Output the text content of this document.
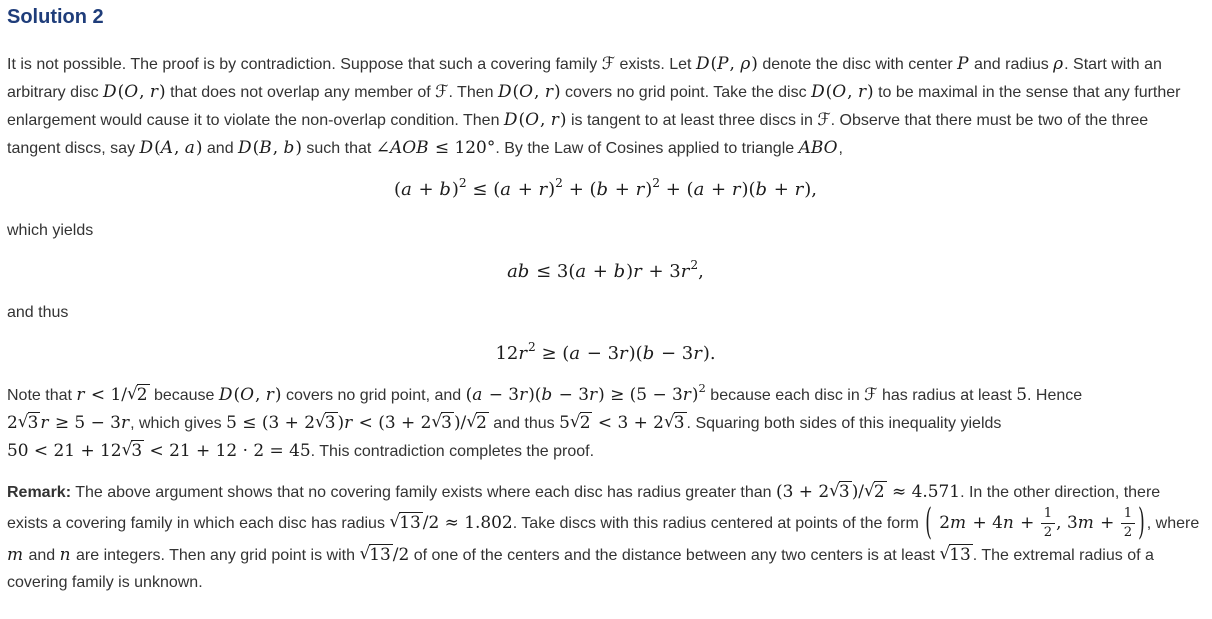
Solution 2

It is not possible. The proof is by contradiction. Suppose that such a covering family ℱ exists. Let D(P, ρ) denote the disc with center P and radius ρ. Start with an arbitrary disc D(O, r) that does not overlap any member of ℱ. Then D(O, r) covers no grid point. Take the disc D(O, r) to be maximal in the sense that any further enlargement would cause it to violate the non-overlap condition. Then D(O, r) is tangent to at least three discs in ℱ. Observe that there must be two of the three tangent discs, say D(A, a) and D(B, b) such that ∠AOB ≤ 120°. By the Law of Cosines applied to triangle ABO,

$(a + b)^2 \le (a + r)^2 + (b + r)^2 + (a + r)(b + r)$,

which yields

ab ≤ $3(a + b)r + 3r^2$,

and thus

$12r^2 \ge (a - 3r)(b - 3r)$.

Note that r < 1/√2 because D(O, r) covers no grid point, and $(a - 3r)(b - 3r) \ge (5 - 3r)^2$ because each disc in ℱ has radius at least 5. Hence 2√3 r ≥ 5 − 3r, which gives 5 ≤ (3 + 2√3 )r < (3 + 2√3 )/√2 and thus 5√2 < 3 + 2√3 . Squaring both sides of this inequality yields 50 < 21 + 12√3 < 21 + 12 · 2 = 45. This contradiction completes the proof.

Remark: The above argument shows that no covering family exists where each disc has radius greater than (3 + 2√3 )/√2 ≈ 4.571. In the other direction, there exists a covering family in which each disc has radius √13 /2 ≈ 1.802. Take discs with this radius centered at points of the form ( $2m + 4n + \frac{1}{2}$ , $3m + \frac{1}{2}$ ) , where m and n are integers. Then any grid point is with √13 /2 of one of the centers and the distance between any two centers is at least √13 . The extremal radius of a covering family is unknown.
